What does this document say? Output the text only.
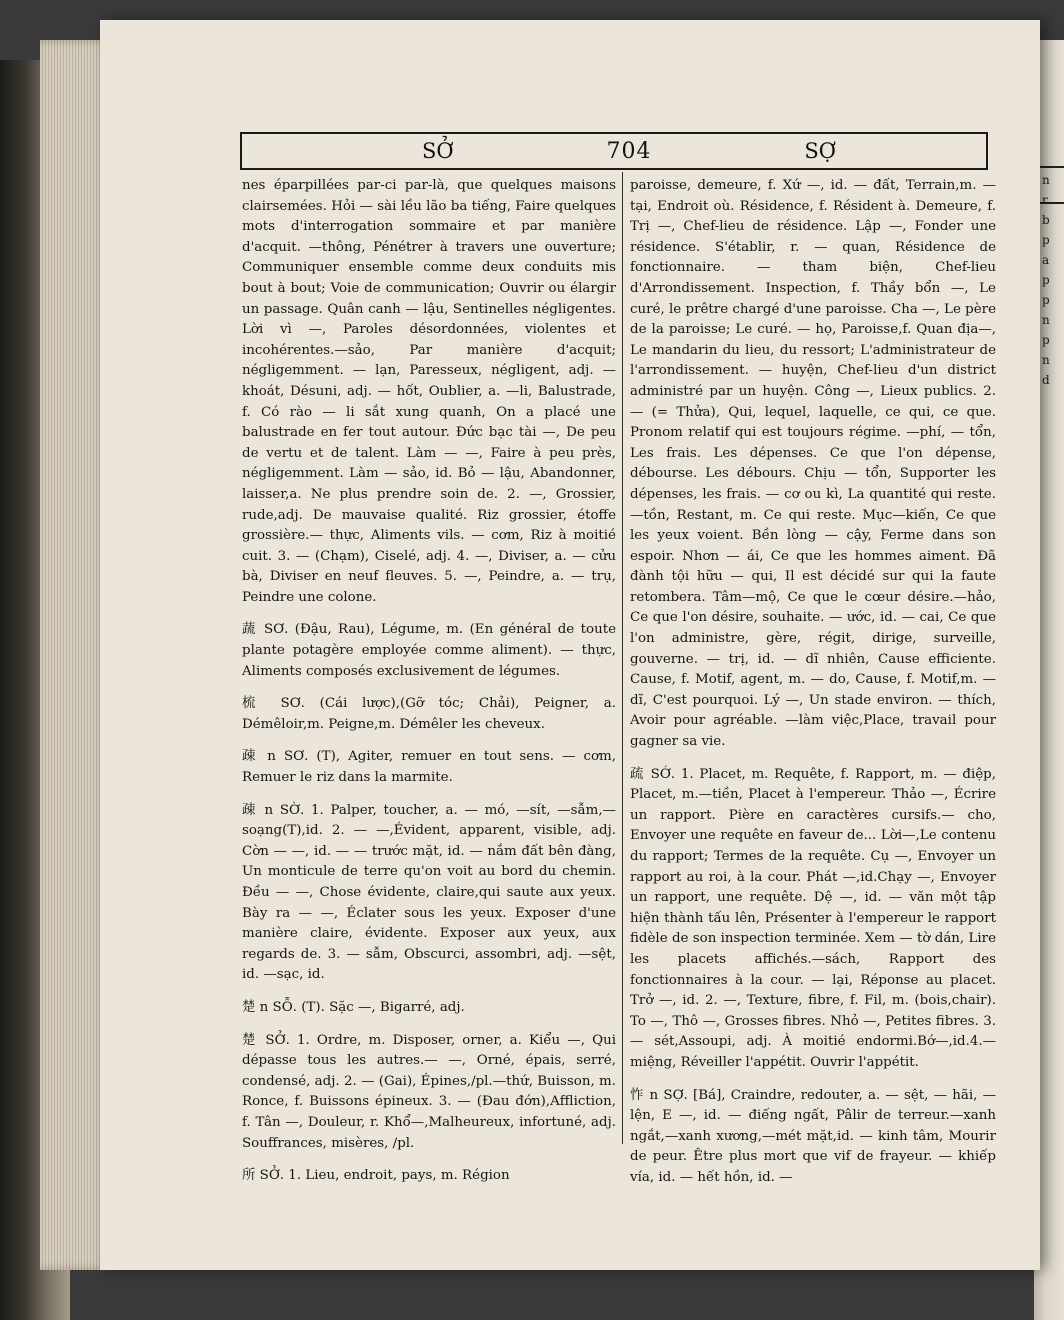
n
r
b
p
a
p
p
n
p
n
d
SỞ	704	SỢ

nes éparpillées par-ci par-là, que quelques maisons clairsemées. Hỏi — sài lều lão ba tiếng, Faire quelques mots d'interrogation sommaire et par manière d'acquit. —thông, Pénétrer à travers une ouverture; Communiquer ensemble comme deux conduits mis bout à bout; Voie de communication; Ouvrir ou élargir un passage. Quân canh — lậu, Sentinelles négligentes. Lời vì —, Paroles désordonnées, violentes et incohérentes.—sảo, Par manière d'acquit; négligemment. — lạn, Paresseux, négligent, adj. —khoát, Désuni, adj. — hốt, Oublier, a. —li, Balustrade, f. Có rào — li sắt xung quanh, On a placé une balustrade en fer tout autour. Đức bạc tài —, De peu de vertu et de talent. Làm — —, Faire à peu près, négligemment. Làm — sảo, id. Bỏ — lậu, Abandonner, laisser,a. Ne plus prendre soin de. 2. —, Grossier, rude,adj. De mauvaise qualité. Riz grossier, étoffe grossière.— thực, Aliments vils. — cơm, Riz à moitié cuit. 3. — (Chạm), Ciselé, adj. 4. —, Diviser, a. — cửu bà, Diviser en neuf fleuves. 5. —, Peindre, a. — trụ, Peindre une colone.

蔬 SƠ. (Đậu, Rau), Légume, m. (En général de toute plante potagère employée comme aliment). — thực, Aliments composés exclusivement de légumes.

梳 SƠ. (Cái lược),(Gỡ tóc; Chải), Peigner, a. Démêloir,m. Peigne,m. Démêler les cheveux.

疎 n SƠ. (T), Agiter, remuer en tout sens. — cơm, Remuer le riz dans la marmite.

疎 n SỜ. 1. Palper, toucher, a. — mó, —sít, —sẫm,—soạng(T),id. 2. — —,Évident, apparent, visible, adj. Cờn — —, id. — — trước mặt, id. — nắm đất bên đàng, Un monticule de terre qu'on voit au bord du chemin. Đều — —, Chose évidente, claire,qui saute aux yeux. Bày ra — —, Éclater sous les yeux. Exposer d'une manière claire, évidente. Exposer aux yeux, aux regards de. 3. — sẫm, Obscurci, assombri, adj. —sệt, id. —sạc, id.

楚 n SỖ. (T). Sặc —, Bigarré, adj.

楚 SỞ. 1. Ordre, m. Disposer, orner, a. Kiểu —, Qui dépasse tous les autres.— —, Orné, épais, serré, condensé, adj. 2. — (Gai), Épines,/pl.—thứ, Buisson, m. Ronce, f. Buissons épineux. 3. — (Đau đớn),Affliction, f. Tân —, Douleur, r. Khổ—,Malheureux, infortuné, adj. Souffrances, misères, /pl.

所 SỞ. 1. Lieu, endroit, pays, m. Région

paroisse, demeure, f. Xứ —, id. — đất, Terrain,m. — tại, Endroit où. Résidence, f. Résident à. Demeure, f. Trị —, Chef-lieu de résidence. Lập —, Fonder une résidence. S'établir, r. — quan, Résidence de fonctionnaire. — tham biện, Chef-lieu d'Arrondissement. Inspection, f. Thầy bổn —, Le curé, le prêtre chargé d'une paroisse. Cha —, Le père de la paroisse; Le curé. — họ, Paroisse,f. Quan địa—, Le mandarin du lieu, du ressort; L'administrateur de l'arrondissement. — huyện, Chef-lieu d'un district administré par un huyện. Công —, Lieux publics. 2. — (= Thửa), Qui, lequel, laquelle, ce qui, ce que. Pronom relatif qui est toujours régime. —phí, — tổn, Les frais. Les dépenses. Ce que l'on dépense, débourse. Les débours. Chịu — tổn, Supporter les dépenses, les frais. — cơ ou kì, La quantité qui reste. —tồn, Restant, m. Ce qui reste. Mục—kiến, Ce que les yeux voient. Bền lòng — cậy, Ferme dans son espoir. Nhơn — ái, Ce que les hommes aiment. Đã đành tội hữu — qui, Il est décidé sur qui la faute retombera. Tâm—mộ, Ce que le cœur désire.—hảo, Ce que l'on désire, souhaite. — ước, id. — cai, Ce que l'on administre, gère, régit, dirige, surveille, gouverne. — trị, id. — dĩ nhiên, Cause efficiente. Cause, f. Motif, agent, m. — do, Cause, f. Motif,m. — dĩ, C'est pourquoi. Lý —, Un stade environ. — thích, Avoir pour agréable. —làm việc,Place, travail pour gagner sa vie.

疏 SỚ. 1. Placet, m. Requête, f. Rapport, m. — điệp, Placet, m.—tiền, Placet à l'empereur. Thảo —, Écrire un rapport. Pière en caractères cursifs.— cho, Envoyer une requête en faveur de... Lời—,Le contenu du rapport; Termes de la requête. Cụ —, Envoyer un rapport au roi, à la cour. Phát —,id.Chạy —, Envoyer un rapport, une requête. Dệ —, id. — văn một tập hiện thành tấu lên, Présenter à l'empereur le rapport fidèle de son inspection terminée. Xem — tờ dán, Lire les placets affichés.—sách, Rapport des fonctionnaires à la cour. — lại, Réponse au placet. Trở —, id. 2. —, Texture, fibre, f. Fil, m. (bois,chair). To —, Thô —, Grosses fibres. Nhỏ —, Petites fibres. 3. — sét,Assoupi, adj. À moitié endormi.Bớ—,id.4.—miệng, Réveiller l'appétit. Ouvrir l'appétit.

怍 n SỢ. [Bá], Craindre, redouter, a. — sệt, — hãi, — lện, E —, id. — điếng ngất, Pâlir de terreur.—xanh ngắt,—xanh xương,—mét mặt,id. — kinh tâm, Mourir de peur. Être plus mort que vif de frayeur. — khiếp vía, id. — hết hồn, id. —
